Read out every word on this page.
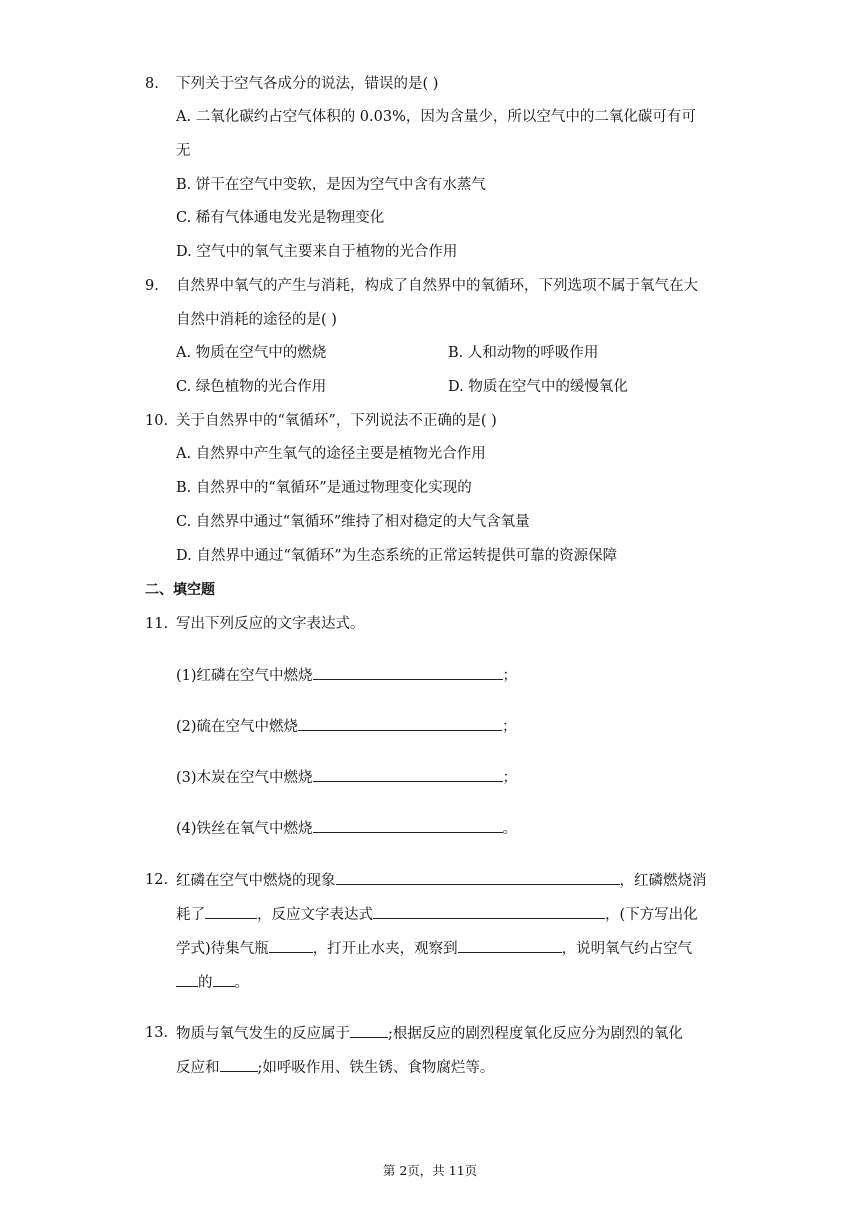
8. 下列关于空气各成分的说法，错误的是( )
A. 二氧化碳约占空气体积的 0.03%，因为含量少，所以空气中的二氧化碳可有可
无
B. 饼干在空气中变软，是因为空气中含有水蒸气
C. 稀有气体通电发光是物理变化
D. 空气中的氧气主要来自于植物的光合作用
9. 自然界中氧气的产生与消耗，构成了自然界中的氧循环，下列选项不属于氧气在大
自然中消耗的途径的是( )
A. 物质在空气中的燃烧	B. 人和动物的呼吸作用
C. 绿色植物的光合作用	D. 物质在空气中的缓慢氧化
10. 关于自然界中的“氧循环”，下列说法不正确的是( )
A. 自然界中产生氧气的途径主要是植物光合作用
B. 自然界中的“氧循环”是通过物理变化实现的
C. 自然界中通过“氧循环”维持了相对稳定的大气含氧量
D. 自然界中通过“氧循环”为生态系统的正常运转提供可靠的资源保障
二、填空题
11. 写出下列反应的文字表达式。
(1)红磷在空气中燃烧	；
(2)硫在空气中燃烧	；
(3)木炭在空气中燃烧	；
(4)铁丝在氧气中燃烧	。
12. 红磷在空气中燃烧的现象	，红磷燃烧消
耗了	，反应文字表达式	，(下方写出化
学式)待集气瓶	，打开止水夹，观察到	，说明氧气约占空气
的 。
13. 物质与氧气发生的反应属于	;根据反应的剧烈程度氧化反应分为剧烈的氧化
反应和	;如呼吸作用、铁生锈、食物腐烂等。
第 2页，共 11页
